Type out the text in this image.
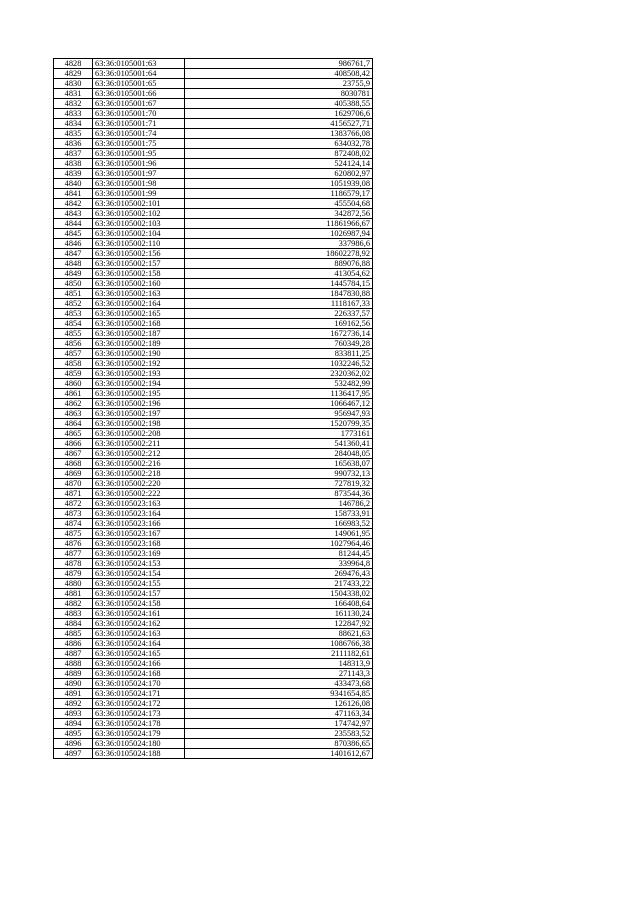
4828	63:36:0105001:63	986761,7
4829	63:36:0105001:64	408508,42
4830	63:36:0105001:65	23755,9
4831	63:36:0105001:66	8030781
4832	63:36:0105001:67	405388,55
4833	63:36:0105001:70	1629706,6
4834	63:36:0105001:71	4156527,71
4835	63:36:0105001:74	1383766,08
4836	63:36:0105001:75	634032,78
4837	63:36:0105001:95	872408,02
4838	63:36:0105001:96	524124,14
4839	63:36:0105001:97	620802,97
4840	63:36:0105001:98	1051939,08
4841	63:36:0105001:99	1186579,17
4842	63:36:0105002:101	455504,68
4843	63:36:0105002:102	342872,56
4844	63:36:0105002:103	11861966,67
4845	63:36:0105002:104	1026987,94
4846	63:36:0105002:110	337986,6
4847	63:36:0105002:156	18602278,92
4848	63:36:0105002:157	889076,88
4849	63:36:0105002:158	413054,62
4850	63:36:0105002:160	1445784,15
4851	63:36:0105002:163	1847830,88
4852	63:36:0105002:164	1118167,33
4853	63:36:0105002:165	226337,57
4854	63:36:0105002:168	169162,56
4855	63:36:0105002:187	1672736,14
4856	63:36:0105002:189	760349,28
4857	63:36:0105002:190	833811,25
4858	63:36:0105002:192	1032246,52
4859	63:36:0105002:193	2320362,02
4860	63:36:0105002:194	532482,99
4861	63:36:0105002:195	1136417,95
4862	63:36:0105002:196	1066467,12
4863	63:36:0105002:197	956947,93
4864	63:36:0105002:198	1520799,35
4865	63:36:0105002:208	1773161
4866	63:36:0105002:211	541360,41
4867	63:36:0105002:212	284048,05
4868	63:36:0105002:216	165638,07
4869	63:36:0105002:218	990732,13
4870	63:36:0105002:220	727819,32
4871	63:36:0105002:222	873544,36
4872	63:36:0105023:163	146786,2
4873	63:36:0105023:164	158733,91
4874	63:36:0105023:166	166983,52
4875	63:36:0105023:167	149061,95
4876	63:36:0105023:168	1027964,46
4877	63:36:0105023:169	81244,45
4878	63:36:0105024:153	339964,8
4879	63:36:0105024:154	269476,43
4880	63:36:0105024:155	217433,22
4881	63:36:0105024:157	1504338,02
4882	63:36:0105024:158	166408,64
4883	63:36:0105024:161	161130,24
4884	63:36:0105024:162	122847,92
4885	63:36:0105024:163	88621,63
4886	63:36:0105024:164	1086766,38
4887	63:36:0105024:165	2111182,61
4888	63:36:0105024:166	148313,9
4889	63:36:0105024:168	271143,3
4890	63:36:0105024:170	433473,68
4891	63:36:0105024:171	9341654,85
4892	63:36:0105024:172	126126,08
4893	63:36:0105024:173	471163,34
4894	63:36:0105024:178	174742,97
4895	63:36:0105024:179	235583,52
4896	63:36:0105024:180	870386,65
4897	63:36:0105024:188	1401612,67
